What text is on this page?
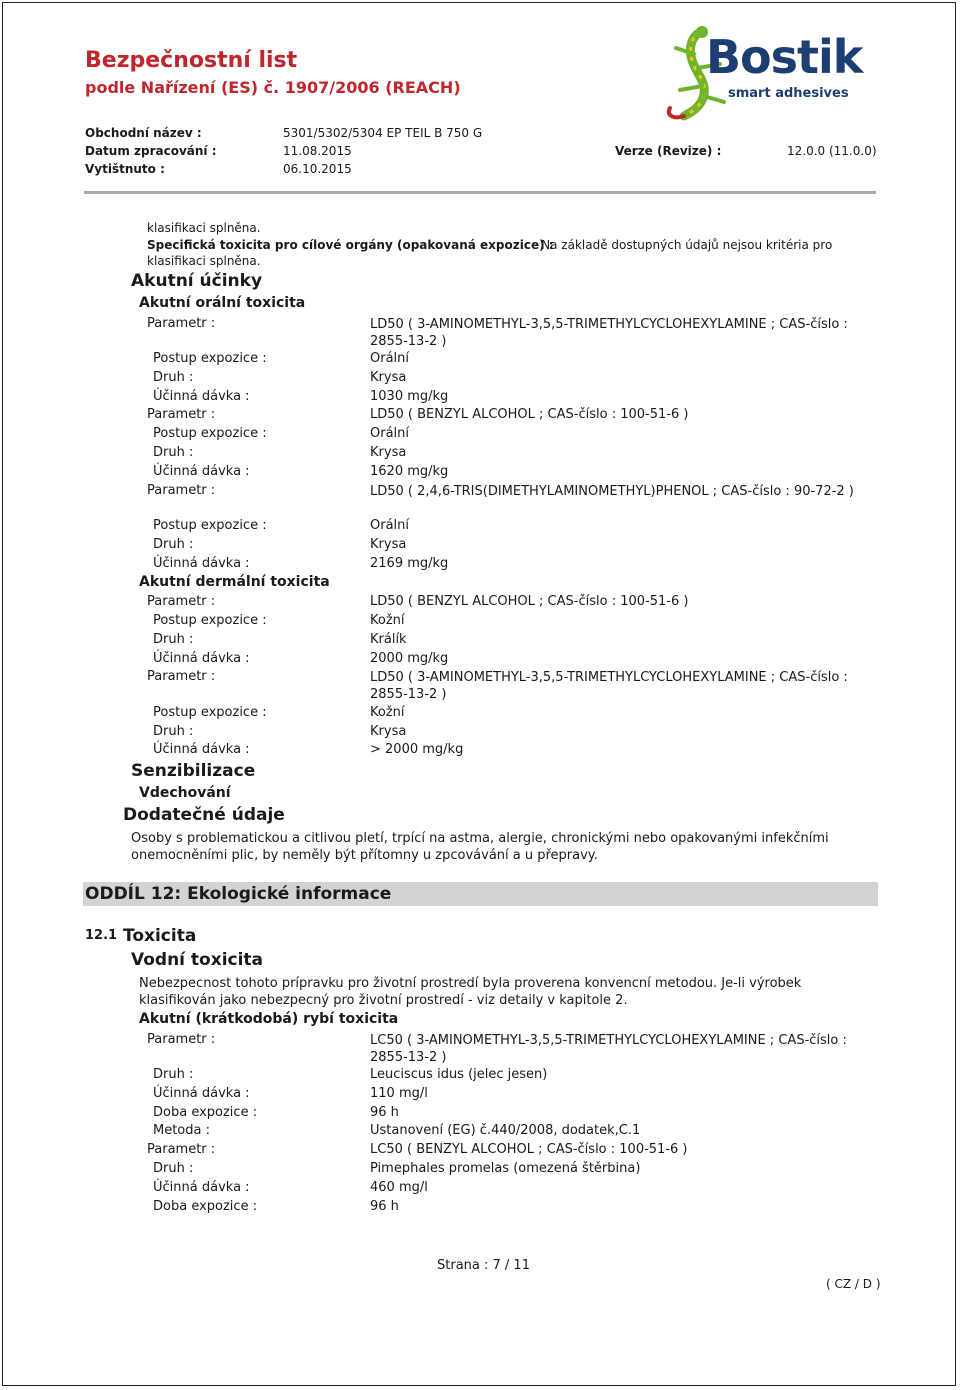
Bezpečnostní list
podle Nařízení (ES) č. 1907/2006 (REACH)
Bostik
smart adhesives
Obchodní název :	5301/5302/5304 EP TEIL B 750 G
Datum zpracování :	11.08.2015	Verze (Revize) :	12.0.0 (11.0.0)
Vytištnuto :	06.10.2015
klasifikaci splněna.
Specifická toxicita pro cílové orgány (opakovaná expozice) :
- Na základě dostupných údajů nejsou kritéria pro
klasifikaci splněna.
Akutní účinky
Akutní orální toxicita
Parametr :	LD50 ( 3-AMINOMETHYL-3,5,5-TRIMETHYLCYCLOHEXYLAMINE ; CAS-číslo : 2855-13-2 )
Postup expozice :	Orální
Druh :	Krysa
Účinná dávka :	1030 mg/kg
Parametr :	LD50 ( BENZYL ALCOHOL ; CAS-číslo : 100-51-6 )
Postup expozice :	Orální
Druh :	Krysa
Účinná dávka :	1620 mg/kg
Parametr :	LD50 ( 2,4,6-TRIS(DIMETHYLAMINOMETHYL)PHENOL ; CAS-číslo : 90-72-2 )
Postup expozice :	Orální
Druh :	Krysa
Účinná dávka :	2169 mg/kg
Akutní dermální toxicita
Parametr :	LD50 ( BENZYL ALCOHOL ; CAS-číslo : 100-51-6 )
Postup expozice :	Kožní
Druh :	Králík
Účinná dávka :	2000 mg/kg
Parametr :	LD50 ( 3-AMINOMETHYL-3,5,5-TRIMETHYLCYCLOHEXYLAMINE ; CAS-číslo : 2855-13-2 )
Postup expozice :	Kožní
Druh :	Krysa
Účinná dávka :	> 2000 mg/kg
Senzibilizace
Vdechování
Dodatečné údaje
Osoby s problematickou a citlivou pletí, trpící na astma, alergie, chronickými nebo opakovanými infekčními onemocněními plic, by neměly být přítomny u zpcovávání a u přepravy.
ODDÍL 12: Ekologické informace
12.1 Toxicita
Vodní toxicita
Nebezpecnost tohoto prípravku pro životní prostredí byla proverena konvencní metodou. Je-li výrobek klasifikován jako nebezpecný pro životní prostredí - viz detaily v kapitole 2.
Akutní (krátkodobá) rybí toxicita
Parametr :	LC50 ( 3-AMINOMETHYL-3,5,5-TRIMETHYLCYCLOHEXYLAMINE ; CAS-číslo : 2855-13-2 )
Druh :	Leuciscus idus (jelec jesen)
Účinná dávka :	110 mg/l
Doba expozice :	96 h
Metoda :	Ustanovení (EG) č.440/2008, dodatek,C.1
Parametr :	LC50 ( BENZYL ALCOHOL ; CAS-číslo : 100-51-6 )
Druh :	Pimephales promelas (omezená štěrbina)
Účinná dávka :	460 mg/l
Doba expozice :	96 h
Strana : 7 / 11
( CZ / D )
